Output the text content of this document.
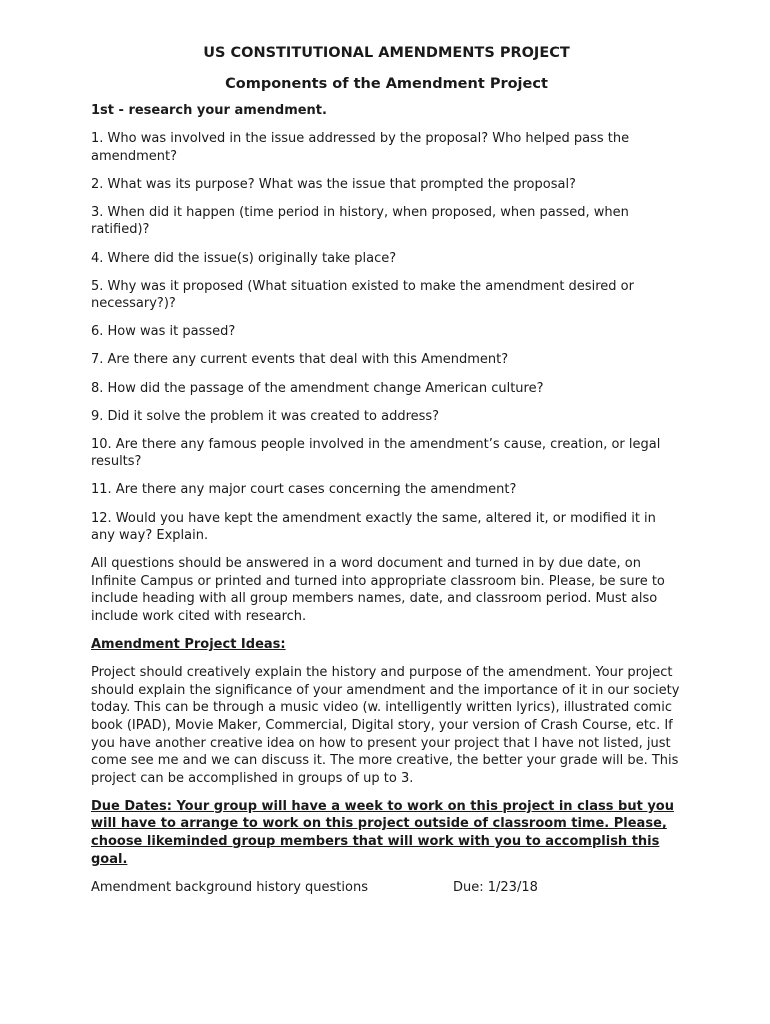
US CONSTITUTIONAL AMENDMENTS PROJECT
Components of the Amendment Project
1st - research your amendment.
1. Who was involved in the issue addressed by the proposal? Who helped pass the amendment?
2. What was its purpose? What was the issue that prompted the proposal?
3. When did it happen (time period in history, when proposed, when passed, when ratified)?
4. Where did the issue(s) originally take place?
5. Why was it proposed (What situation existed to make the amendment desired or necessary?)?
6. How was it passed?
7. Are there any current events that deal with this Amendment?
8. How did the passage of the amendment change American culture?
9. Did it solve the problem it was created to address?
10. Are there any famous people involved in the amendment’s cause, creation, or legal results?
11. Are there any major court cases concerning the amendment?
12. Would you have kept the amendment exactly the same, altered it, or modified it in any way? Explain.
All questions should be answered in a word document and turned in by due date, on Infinite Campus or printed and turned into appropriate classroom bin. Please, be sure to include heading with all group members names, date, and classroom period. Must also include work cited with research.
Amendment Project Ideas:
Project should creatively explain the history and purpose of the amendment. Your project should explain the significance of your amendment and the importance of it in our society today. This can be through a music video (w. intelligently written lyrics), illustrated comic book (IPAD), Movie Maker, Commercial, Digital story, your version of Crash Course, etc. If you have another creative idea on how to present your project that I have not listed, just come see me and we can discuss it. The more creative, the better your grade will be. This project can be accomplished in groups of up to 3.
Due Dates: Your group will have a week to work on this project in class but you will have to arrange to work on this project outside of classroom time. Please, choose likeminded group members that will work with you to accomplish this goal.
Amendment background history questions	Due: 1/23/18
